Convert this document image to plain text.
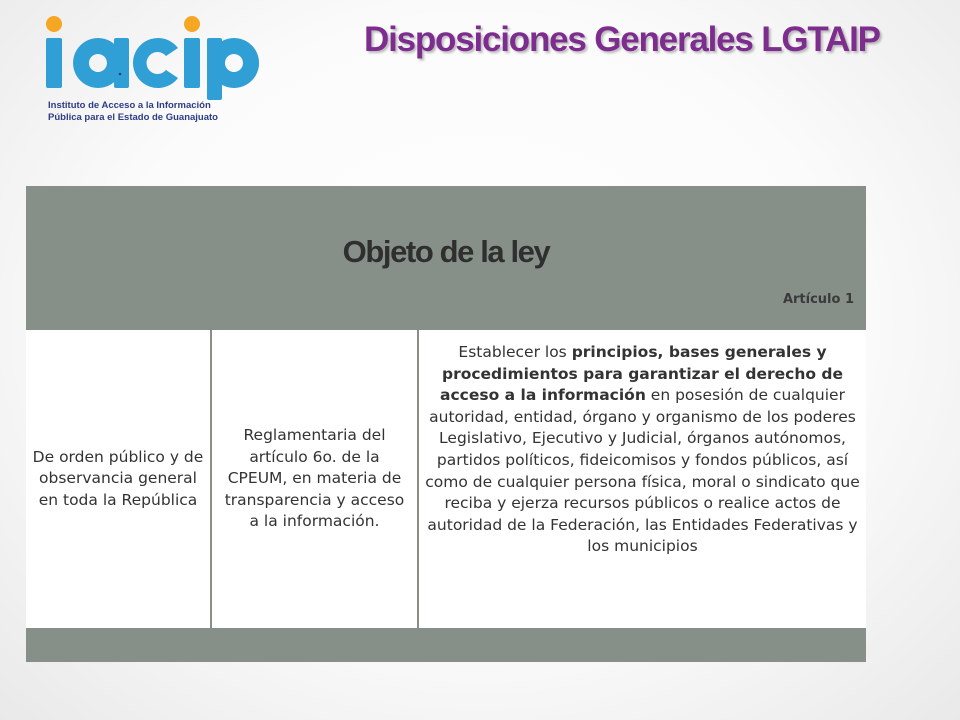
Instituto de Acceso a la Información
Pública para el Estado de Guanajuato
Disposiciones Generales LGTAIP
Objeto de la ley
Artículo 1
De orden público y de observancia general en toda la República
Reglamentaria del artículo 6o. de la CPEUM, en materia de transparencia y acceso a la información.
Establecer los principios, bases generales y procedimientos para garantizar el derecho de acceso a la información en posesión de cualquier autoridad, entidad, órgano y organismo de los poderes Legislativo, Ejecutivo y Judicial, órganos autónomos, partidos políticos, fideicomisos y fondos públicos, así como de cualquier persona física, moral o sindicato que reciba y ejerza recursos públicos o realice actos de autoridad de la Federación, las Entidades Federativas y los municipios
